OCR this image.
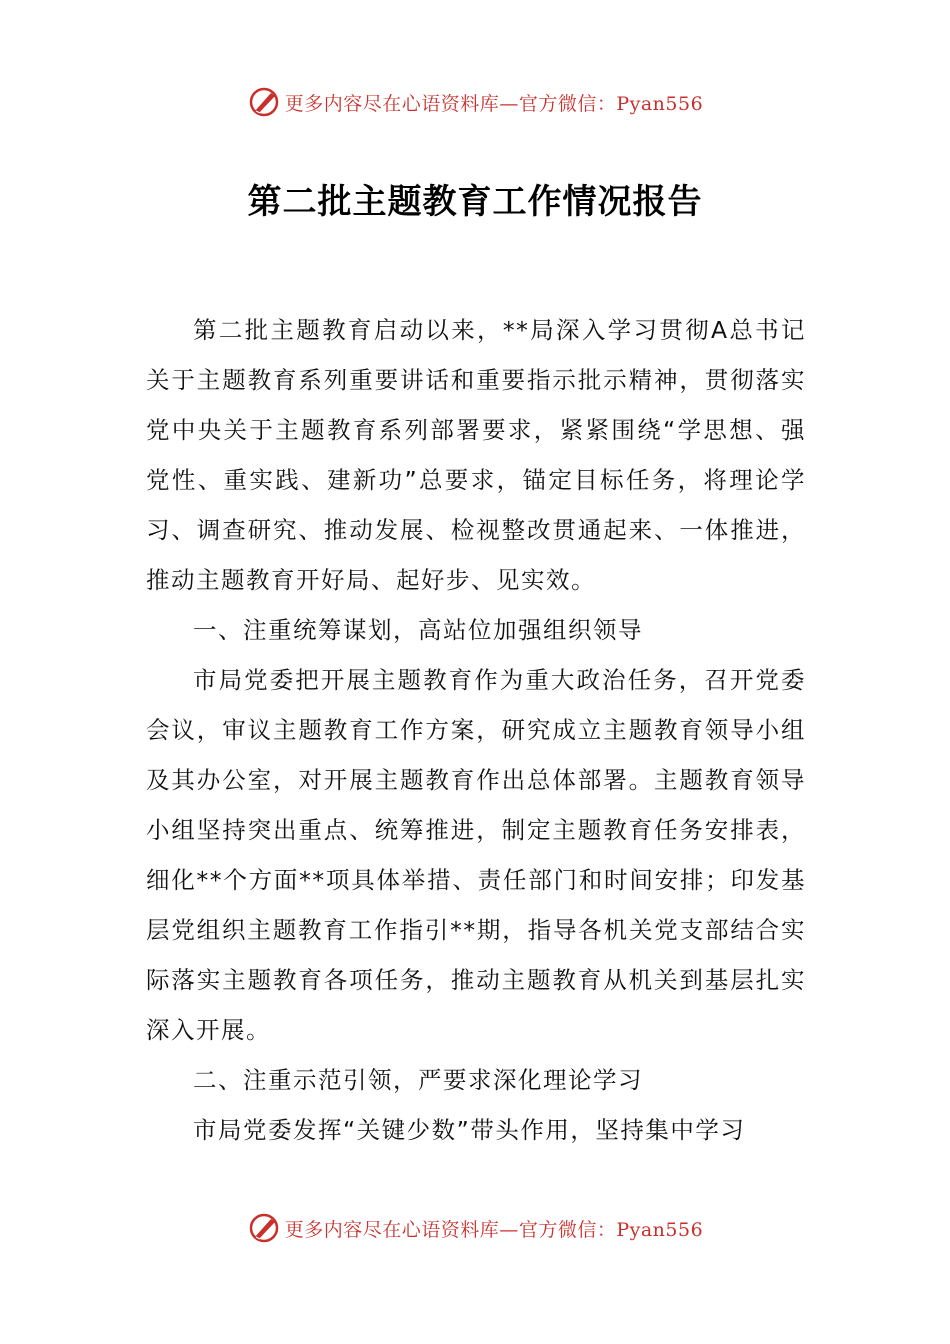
更多内容尽在心语资料库—官方微信：Pyan556
第二批主题教育工作情况报告

第二批主题教育启动以来，**局深入学习贯彻A总书记关于主题教育系列重要讲话和重要指示批示精神，贯彻落实党中央关于主题教育系列部署要求，紧紧围绕“学思想、强党性、重实践、建新功”总要求，锚定目标任务，将理论学习、调查研究、推动发展、检视整改贯通起来、一体推进，推动主题教育开好局、起好步、见实效。

一、注重统筹谋划，高站位加强组织领导

市局党委把开展主题教育作为重大政治任务，召开党委会议，审议主题教育工作方案，研究成立主题教育领导小组及其办公室，对开展主题教育作出总体部署。主题教育领导小组坚持突出重点、统筹推进，制定主题教育任务安排表，细化**个方面**项具体举措、责任部门和时间安排；印发基层党组织主题教育工作指引**期，指导各机关党支部结合实际落实主题教育各项任务，推动主题教育从机关到基层扎实深入开展。

二、注重示范引领，严要求深化理论学习

市局党委发挥“关键少数”带头作用，坚持集中学习

更多内容尽在心语资料库—官方微信：Pyan556
